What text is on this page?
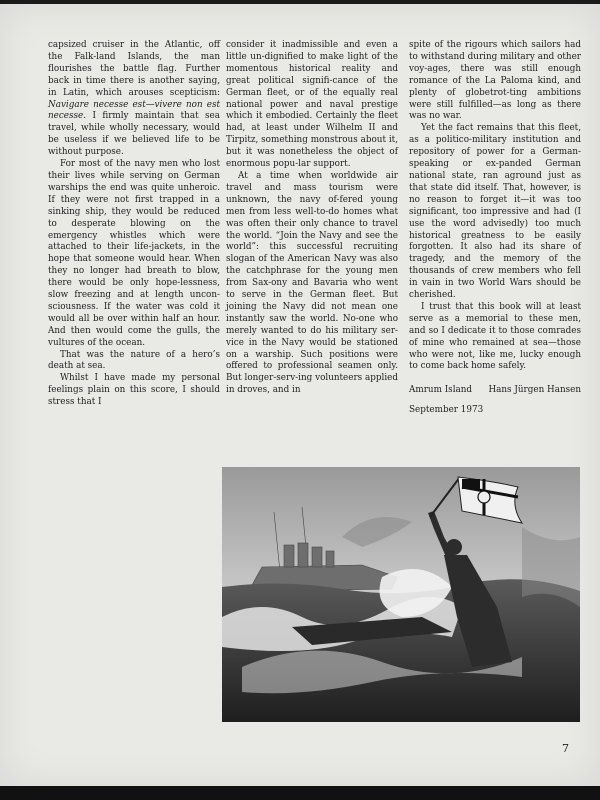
capsized cruiser in the Atlantic, off the Falk-land Islands, the man flourishes the battle flag. Further back in time there is another saying, in Latin, which arouses scepticism: Navigare necesse est—vivere non est necesse. I firmly maintain that sea travel, while wholly necessary, would be useless if we believed life to be without purpose.

For most of the navy men who lost their lives while serving on German warships the end was quite unheroic. If they were not first trapped in a sinking ship, they would be reduced to desperate blowing on the emergency whistles which were attached to their life-jackets, in the hope that someone would hear. When they no longer had breath to blow, there would be only hope-lessness, slow freezing and at length uncon-sciousness. If the water was cold it would all be over within half an hour. And then would come the gulls, the vultures of the ocean.

That was the nature of a hero’s death at sea.

Whilst I have made my personal feelings plain on this score, I should stress that I

consider it inadmissible and even a little un-dignified to make light of the momentous historical reality and great political signifi-cance of the German fleet, or of the equally real national power and naval prestige which it embodied. Certainly the fleet had, at least under Wilhelm II and Tirpitz, something monstrous about it, but it was nonetheless the object of enormous popu-lar support.

At a time when worldwide air travel and mass tourism were unknown, the navy of-fered young men from less well-to-do homes what was often their only chance to travel the world. “Join the Navy and see the world”: this successful recruiting slogan of the American Navy was also the catchphrase for the young men from Sax-ony and Bavaria who went to serve in the German fleet. But joining the Navy did not mean one instantly saw the world. No-one who merely wanted to do his military ser-vice in the Navy would be stationed on a warship. Such positions were offered to professional seamen only. But longer-serv-ing volunteers applied in droves, and in

spite of the rigours which sailors had to withstand during military and other voy-ages, there was still enough romance of the La Paloma kind, and plenty of globetrot-ting ambitions were still fulfilled—as long as there was no war.

Yet the fact remains that this fleet, as a politico-military institution and repository of power for a German-speaking or ex-panded German national state, ran aground just as that state did itself. That, however, is no reason to forget it—it was too significant, too impressive and had (I use the word advisedly) too much historical greatness to be easily forgotten. It also had its share of tragedy, and the memory of the thousands of crew members who fell in vain in two World Wars should be cherished.

I trust that this book will at least serve as a memorial to these men, and so I dedicate it to those comrades of mine who remained at sea—those who were not, like me, lucky enough to come back home safely.

Amrum Island Hans Jürgen Hansen
September 1973
7
